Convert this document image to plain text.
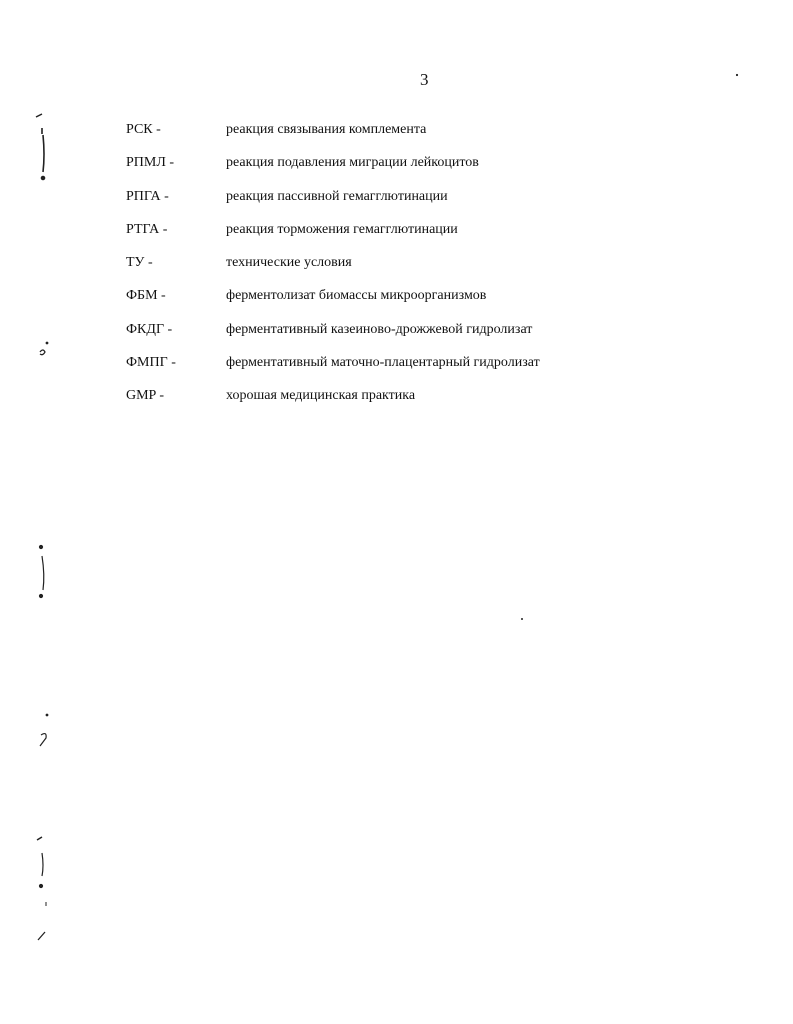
3
РСК -	реакция связывания комплемента
РПМЛ -	реакция подавления миграции лейкоцитов
РПГА -	реакция пассивной гемагглютинации
РТГА -	реакция торможения гемагглютинации
ТУ -	технические условия
ФБМ -	ферментолизат биомассы микроорганизмов
ФКДГ -	ферментативный казеиново-дрожжевой гидролизат
ФМПГ -	ферментативный маточно-плацентарный гидролизат
GMP -	хорошая медицинская практика
